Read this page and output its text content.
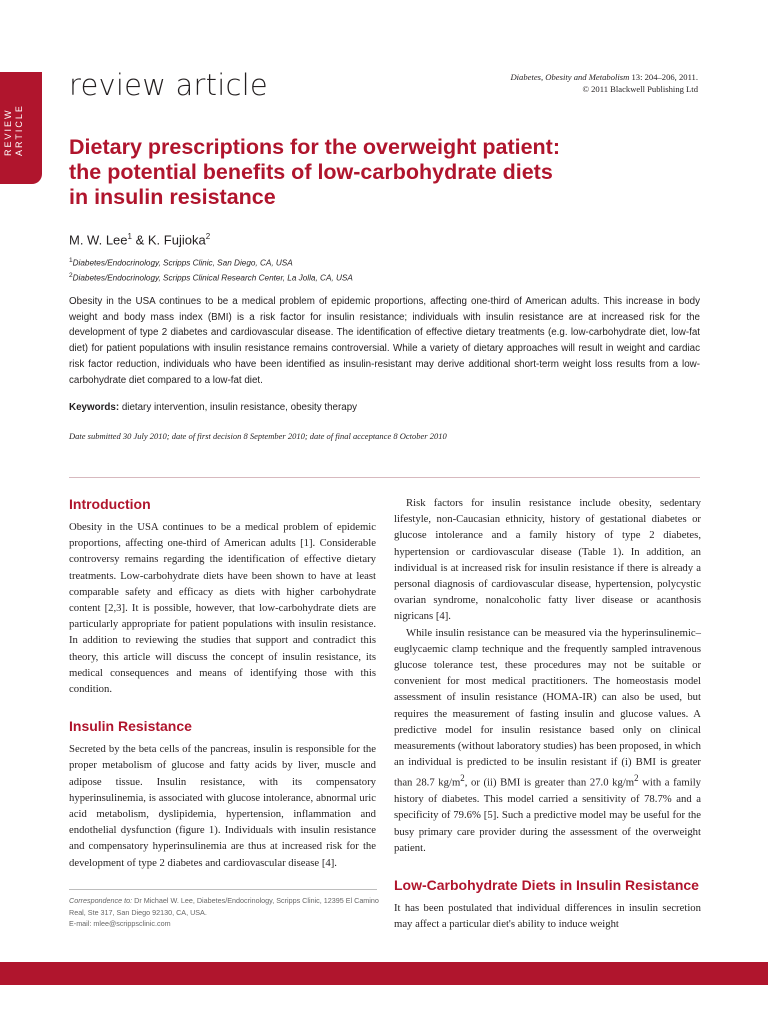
REVIEW
ARTICLE
review article	Diabetes, Obesity and Metabolism 13: 204–206, 2011.
© 2011 Blackwell Publishing Ltd
Dietary prescriptions for the overweight patient:
the potential benefits of low-carbohydrate diets
in insulin resistance
M. W. Lee$^1$ & K. Fujioka$^2$
$^1$Diabetes/Endocrinology, Scripps Clinic, San Diego, CA, USA
$^2$Diabetes/Endocrinology, Scripps Clinical Research Center, La Jolla, CA, USA

Obesity in the USA continues to be a medical problem of epidemic proportions, affecting one-third of American adults. This increase in body weight and body mass index (BMI) is a risk factor for insulin resistance; individuals with insulin resistance are at increased risk for the development of type 2 diabetes and cardiovascular disease. The identification of effective dietary treatments (e.g. low-carbohydrate diet, low-fat diet) for patient populations with insulin resistance remains controversial. While a variety of dietary approaches will result in weight and cardiac risk factor reduction, individuals who have been identified as insulin-resistant may derive additional short-term weight loss results from a low-carbohydrate diet compared to a low-fat diet.

Keywords: dietary intervention, insulin resistance, obesity therapy
Date submitted 30 July 2010; date of first decision 8 September 2010; date of final acceptance 8 October 2010
Introduction

Obesity in the USA continues to be a medical problem of epidemic proportions, affecting one-third of American adults [1]. Considerable controversy remains regarding the identification of effective dietary treatments. Low-carbohydrate diets have been shown to have at least comparable safety and efficacy as diets with higher carbohydrate content [2,3]. It is possible, however, that low-carbohydrate diets are particularly appropriate for patient populations with insulin resistance. In addition to reviewing the studies that support and contradict this theory, this article will discuss the concept of insulin resistance, its medical consequences and means of identifying those with this condition.

Insulin Resistance

Secreted by the beta cells of the pancreas, insulin is responsible for the proper metabolism of glucose and fatty acids by liver, muscle and adipose tissue. Insulin resistance, with its compensatory hyperinsulinemia, is associated with glucose intolerance, abnormal uric acid metabolism, dyslipidemia, hypertension, inflammation and endothelial dysfunction (figure 1). Individuals with insulin resistance and compensatory hyperinsulinemia are thus at increased risk for the development of type 2 diabetes and cardiovascular disease [4].

Correspondence to: Dr Michael W. Lee, Diabetes/Endocrinology, Scripps Clinic, 12395 El Camino Real, Ste 317, San Diego 92130, CA, USA.
E-mail: mlee@scrippsclinic.com

Risk factors for insulin resistance include obesity, sedentary lifestyle, non-Caucasian ethnicity, history of gestational diabetes or glucose intolerance and a family history of type 2 diabetes, hypertension or cardiovascular disease (Table 1). In addition, an individual is at increased risk for insulin resistance if there is already a personal diagnosis of cardiovascular disease, hypertension, polycystic ovarian syndrome, nonalcoholic fatty liver disease or acanthosis nigricans [4].

While insulin resistance can be measured via the hyperinsulinemic–euglycaemic clamp technique and the frequently sampled intravenous glucose tolerance test, these procedures may not be suitable or convenient for most medical practitioners. The homeostasis model assessment of insulin resistance (HOMA-IR) can also be used, but requires the measurement of fasting insulin and glucose values. A predictive model for insulin resistance based only on clinical measurements (without laboratory studies) has been proposed, in which an individual is predicted to be insulin resistant if (i) BMI is greater than 28.7 $kg/m^2$, or (ii) BMI is greater than 27.0 $kg/m^2$ with a family history of diabetes. This model carried a sensitivity of 78.7% and a specificity of 79.6% [5]. Such a predictive model may be useful for the busy primary care provider during the assessment of the overweight patient.

Low-Carbohydrate Diets in Insulin Resistance

It has been postulated that individual differences in insulin secretion may affect a particular diet's ability to induce weight
